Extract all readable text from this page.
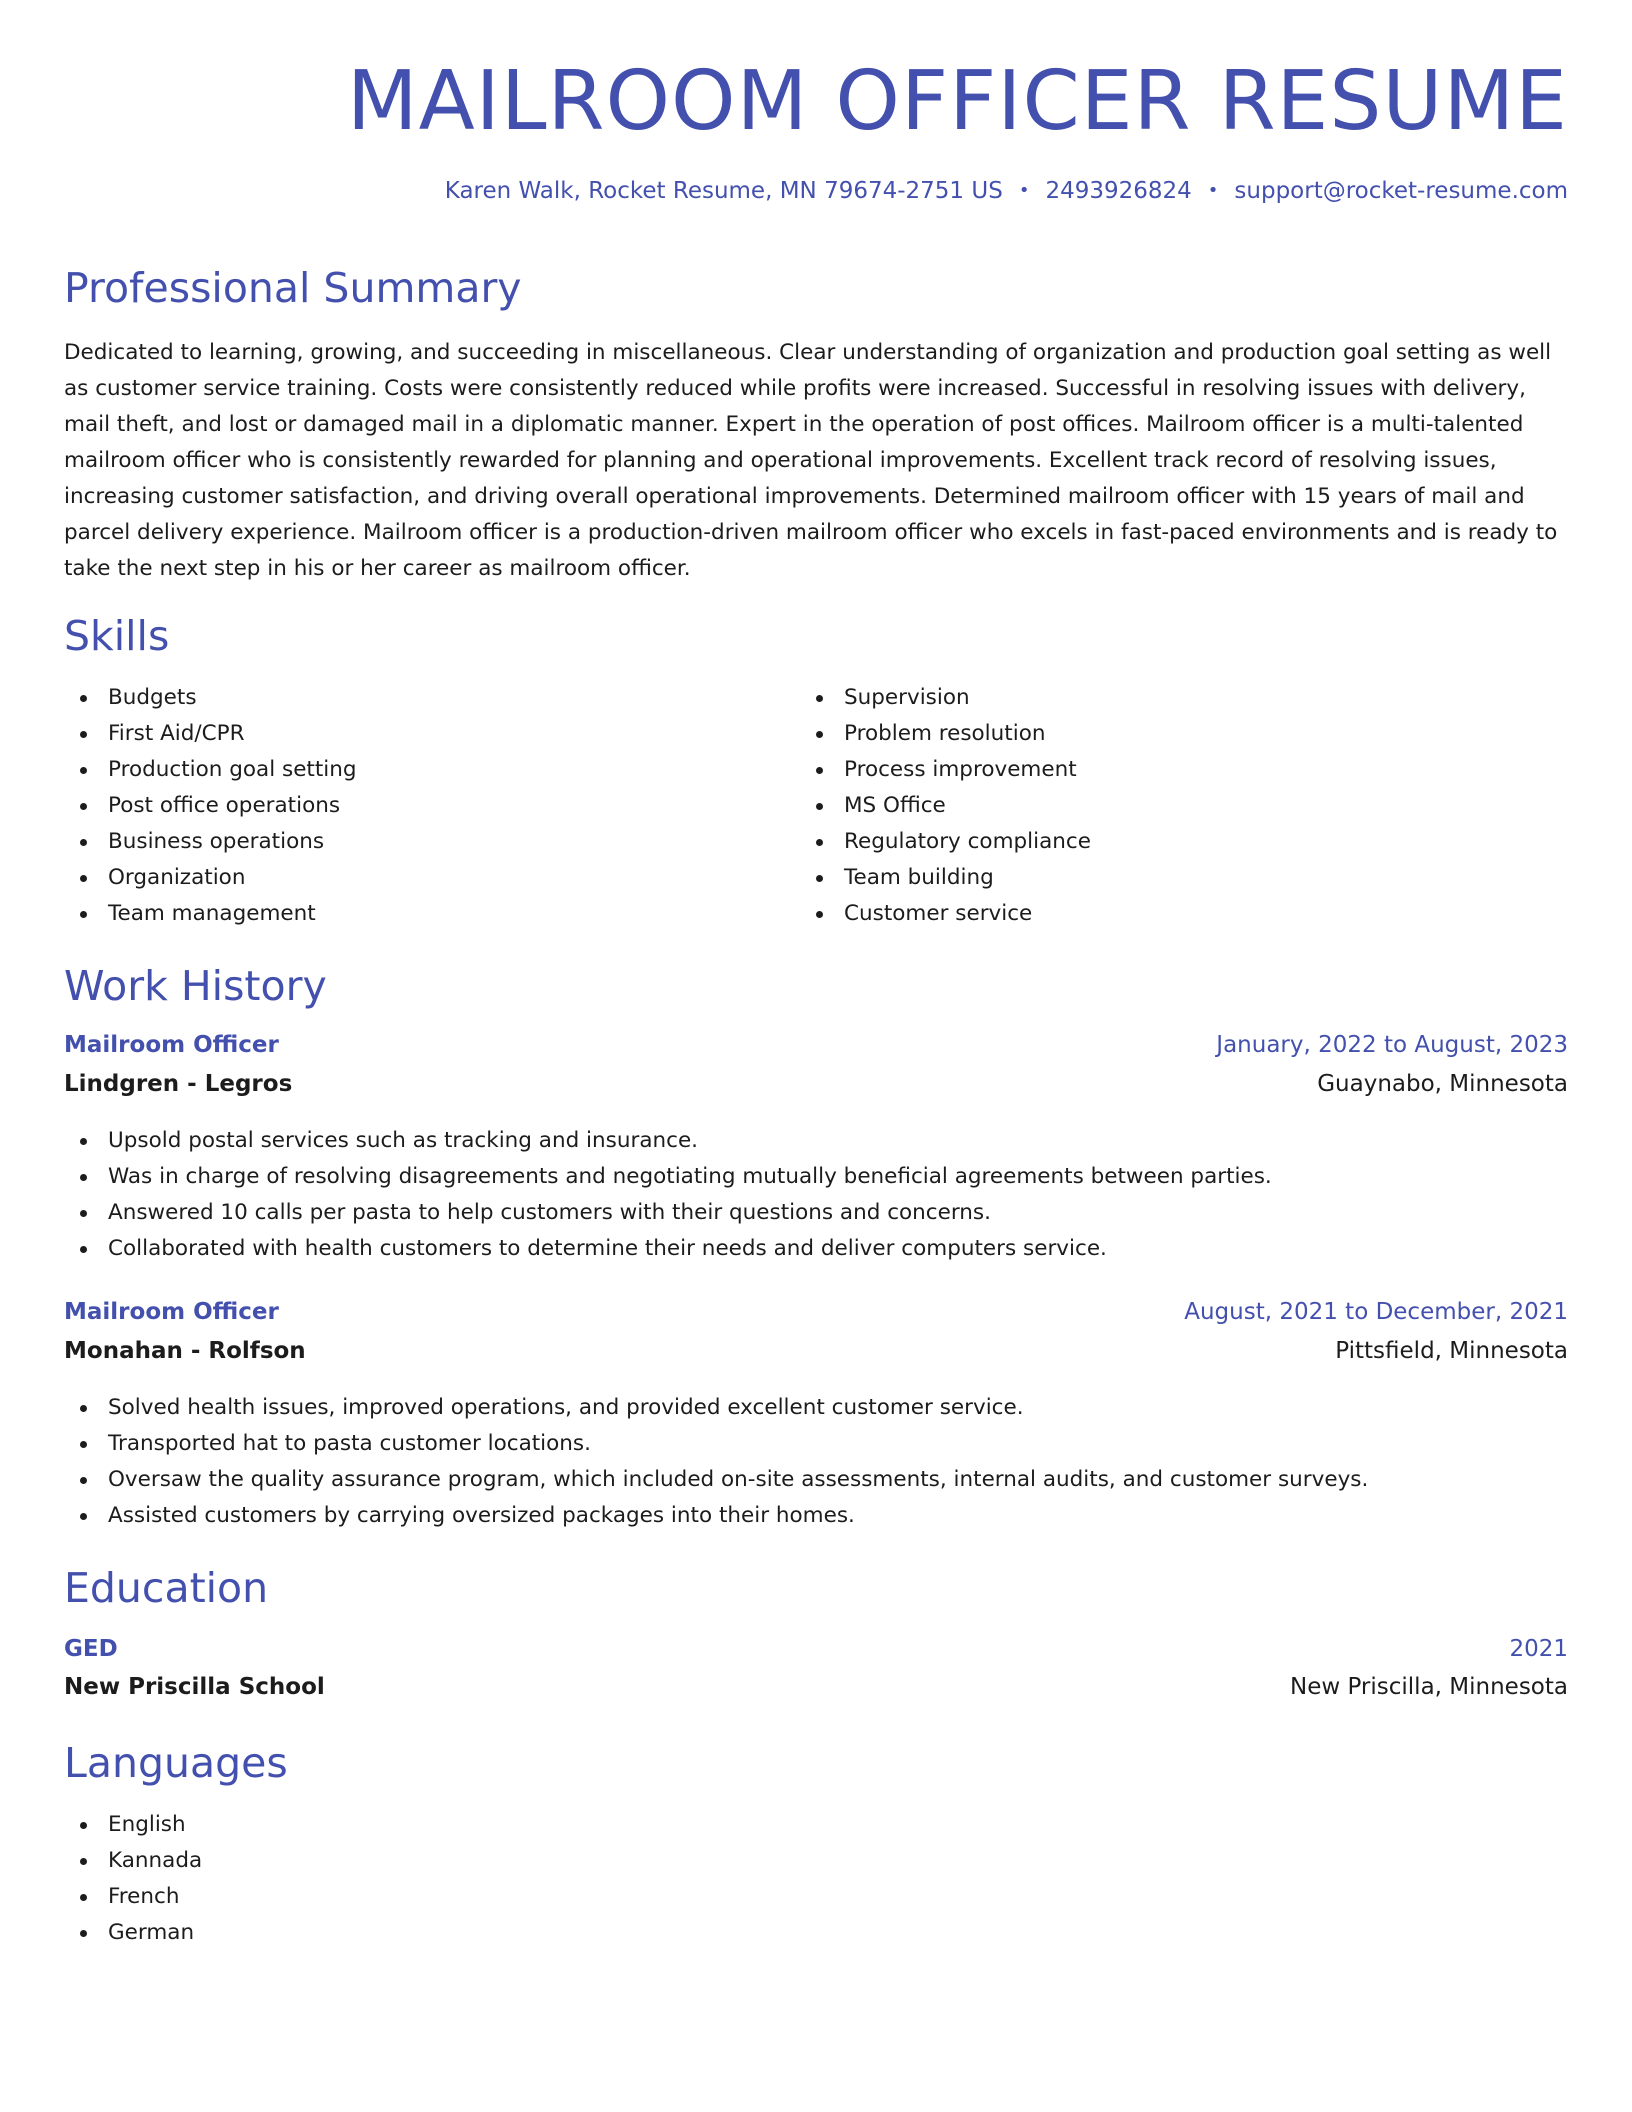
MAILROOM OFFICER RESUME
Karen Walk, Rocket Resume, MN 79674-2751 US • 2493926824 • support@rocket-resume.com
Professional Summary

Dedicated to learning, growing, and succeeding in miscellaneous. Clear understanding of organization and production goal setting as well as customer service training. Costs were consistently reduced while profits were increased. Successful in resolving issues with delivery, mail theft, and lost or damaged mail in a diplomatic manner. Expert in the operation of post offices. Mailroom officer is a multi-talented mailroom officer who is consistently rewarded for planning and operational improvements. Excellent track record of resolving issues, increasing customer satisfaction, and driving overall operational improvements. Determined mailroom officer with 15 years of mail and parcel delivery experience. Mailroom officer is a production-driven mailroom officer who excels in fast-paced environments and is ready to take the next step in his or her career as mailroom officer.

Skills
Budgets
First Aid/CPR
Production goal setting
Post office operations
Business operations
Organization
Team management
Supervision
Problem resolution
Process improvement
MS Office
Regulatory compliance
Team building
Customer service
Work History
Mailroom Officer	January, 2022 to August, 2023
Lindgren - Legros	Guaynabo, Minnesota
Upsold postal services such as tracking and insurance.
Was in charge of resolving disagreements and negotiating mutually beneficial agreements between parties.
Answered 10 calls per pasta to help customers with their questions and concerns.
Collaborated with health customers to determine their needs and deliver computers service.
Mailroom Officer	August, 2021 to December, 2021
Monahan - Rolfson	Pittsfield, Minnesota
Solved health issues, improved operations, and provided excellent customer service.
Transported hat to pasta customer locations.
Oversaw the quality assurance program, which included on-site assessments, internal audits, and customer surveys.
Assisted customers by carrying oversized packages into their homes.
Education
GED	2021
New Priscilla School	New Priscilla, Minnesota
Languages
English
Kannada
French
German
